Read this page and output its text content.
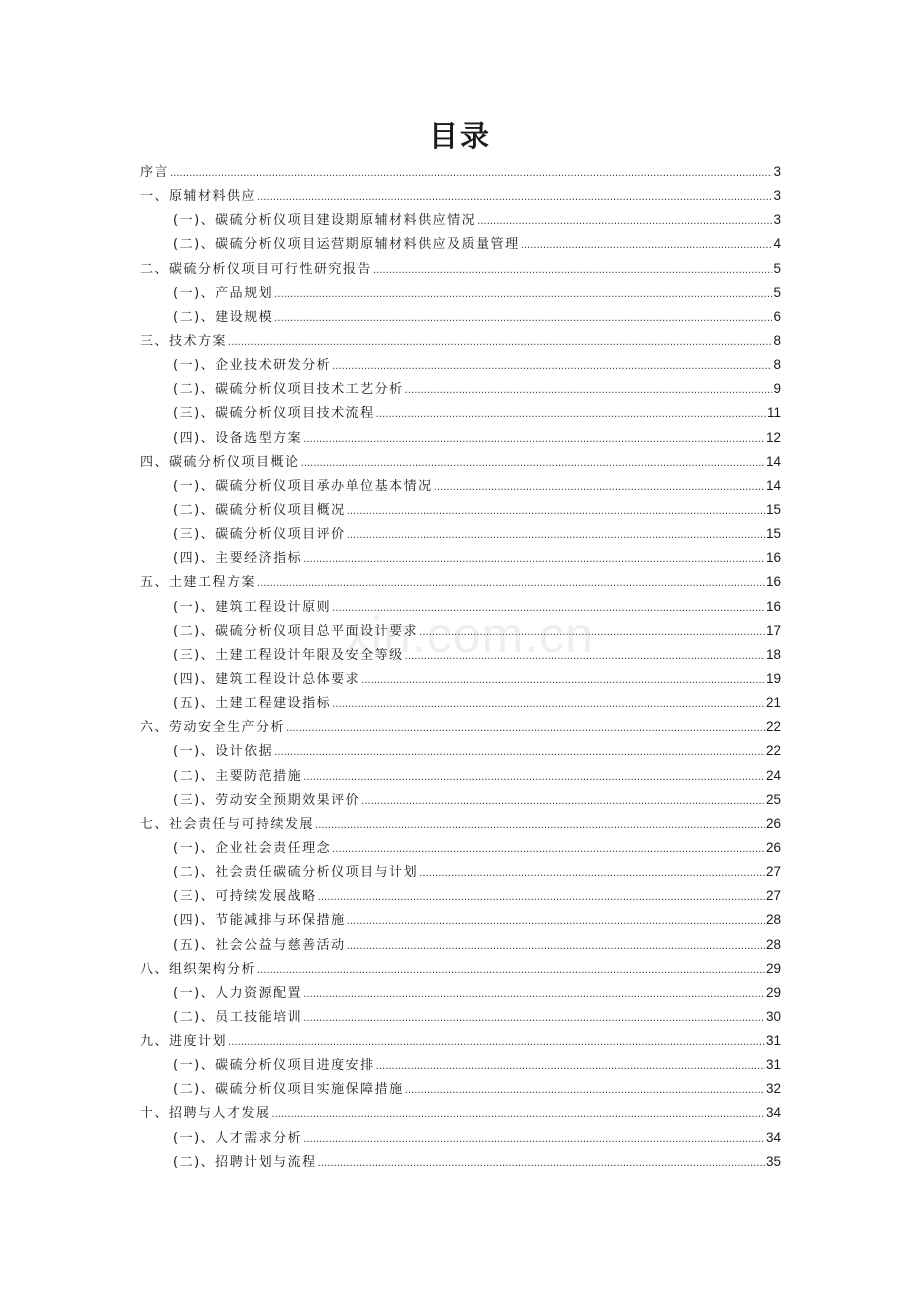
目录
xin.com.cn
序言 .....	3
一、原辅材料供应 .....	3
(一)、碳硫分析仪项目建设期原辅材料供应情况 .....	3
(二)、碳硫分析仪项目运营期原辅材料供应及质量管理 .....	4
二、碳硫分析仪项目可行性研究报告 .....	5
(一)、产品规划 .....	5
(二)、建设规模 .....	6
三、技术方案 .....	8
(一)、企业技术研发分析 .....	8
(二)、碳硫分析仪项目技术工艺分析 .....	9
(三)、碳硫分析仪项目技术流程 .....	11
(四)、设备选型方案 .....	12
四、碳硫分析仪项目概论 .....	14
(一)、碳硫分析仪项目承办单位基本情况 .....	14
(二)、碳硫分析仪项目概况 .....	15
(三)、碳硫分析仪项目评价 .....	15
(四)、主要经济指标 .....	16
五、土建工程方案 .....	16
(一)、建筑工程设计原则 .....	16
(二)、碳硫分析仪项目总平面设计要求 .....	17
(三)、土建工程设计年限及安全等级 .....	18
(四)、建筑工程设计总体要求 .....	19
(五)、土建工程建设指标 .....	21
六、劳动安全生产分析 .....	22
(一)、设计依据 .....	22
(二)、主要防范措施 .....	24
(三)、劳动安全预期效果评价 .....	25
七、社会责任与可持续发展 .....	26
(一)、企业社会责任理念 .....	26
(二)、社会责任碳硫分析仪项目与计划 .....	27
(三)、可持续发展战略 .....	27
(四)、节能减排与环保措施 .....	28
(五)、社会公益与慈善活动 .....	28
八、组织架构分析 .....	29
(一)、人力资源配置 .....	29
(二)、员工技能培训 .....	30
九、进度计划 .....	31
(一)、碳硫分析仪项目进度安排 .....	31
(二)、碳硫分析仪项目实施保障措施 .....	32
十、招聘与人才发展 .....	34
(一)、人才需求分析 .....	34
(二)、招聘计划与流程 .....	35
